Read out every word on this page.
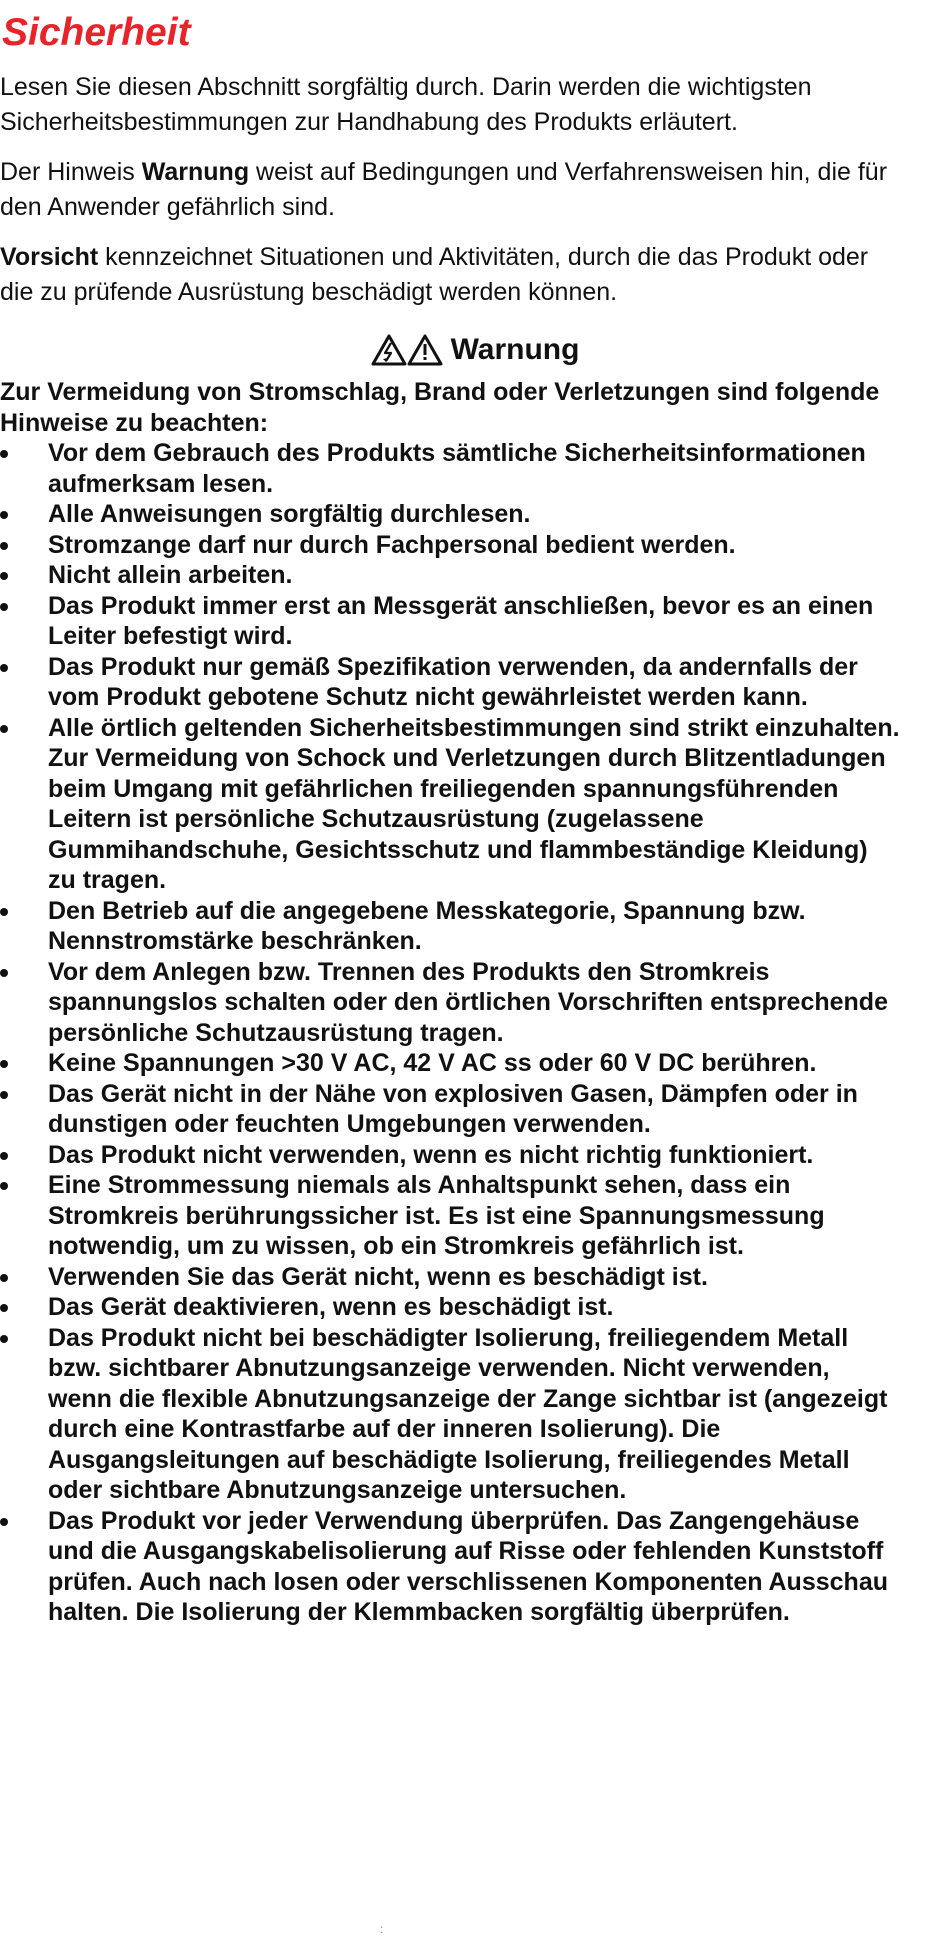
Sicherheit

Lesen Sie diesen Abschnitt sorgfältig durch. Darin werden die wichtigsten Sicherheitsbestimmungen zur Handhabung des Produkts erläutert.

Der Hinweis Warnung weist auf Bedingungen und Verfahrensweisen hin, die für den Anwender gefährlich sind.

Vorsicht kennzeichnet Situationen und Aktivitäten, durch die das Produkt oder die zu prüfende Ausrüstung beschädigt werden können.

Warnung

Zur Vermeidung von Stromschlag, Brand oder Verletzungen sind folgende Hinweise zu beachten:

Vor dem Gebrauch des Produkts sämtliche Sicherheitsinformationen aufmerksam lesen.
Alle Anweisungen sorgfältig durchlesen.
Stromzange darf nur durch Fachpersonal bedient werden.
Nicht allein arbeiten.
Das Produkt immer erst an Messgerät anschließen, bevor es an einen Leiter befestigt wird.
Das Produkt nur gemäß Spezifikation verwenden, da andernfalls der vom Produkt gebotene Schutz nicht gewährleistet werden kann.
Alle örtlich geltenden Sicherheitsbestimmungen sind strikt einzuhalten. Zur Vermeidung von Schock und Verletzungen durch Blitzentladungen beim Umgang mit gefährlichen freiliegenden spannungsführenden Leitern ist persönliche Schutzausrüstung (zugelassene Gummihandschuhe, Gesichtsschutz und flammbeständige Kleidung) zu tragen.
Den Betrieb auf die angegebene Messkategorie, Spannung bzw. Nennstromstärke beschränken.
Vor dem Anlegen bzw. Trennen des Produkts den Stromkreis spannungslos schalten oder den örtlichen Vorschriften entsprechende persönliche Schutzausrüstung tragen.
Keine Spannungen >30 V AC, 42 V AC ss oder 60 V DC berühren.
Das Gerät nicht in der Nähe von explosiven Gasen, Dämpfen oder in dunstigen oder feuchten Umgebungen verwenden.
Das Produkt nicht verwenden, wenn es nicht richtig funktioniert.
Eine Strommessung niemals als Anhaltspunkt sehen, dass ein Stromkreis berührungssicher ist. Es ist eine Spannungsmessung notwendig, um zu wissen, ob ein Stromkreis gefährlich ist.
Verwenden Sie das Gerät nicht, wenn es beschädigt ist.
Das Gerät deaktivieren, wenn es beschädigt ist.
Das Produkt nicht bei beschädigter Isolierung, freiliegendem Metall bzw. sichtbarer Abnutzungsanzeige verwenden. Nicht verwenden, wenn die flexible Abnutzungsanzeige der Zange sichtbar ist (angezeigt durch eine Kontrastfarbe auf der inneren Isolierung). Die Ausgangsleitungen auf beschädigte Isolierung, freiliegendes Metall oder sichtbare Abnutzungsanzeige untersuchen.
Das Produkt vor jeder Verwendung überprüfen. Das Zangengehäuse und die Ausgangskabelisolierung auf Risse oder fehlenden Kunststoff prüfen. Auch nach losen oder verschlissenen Komponenten Ausschau halten. Die Isolierung der Klemmbacken sorgfältig überprüfen.
:
